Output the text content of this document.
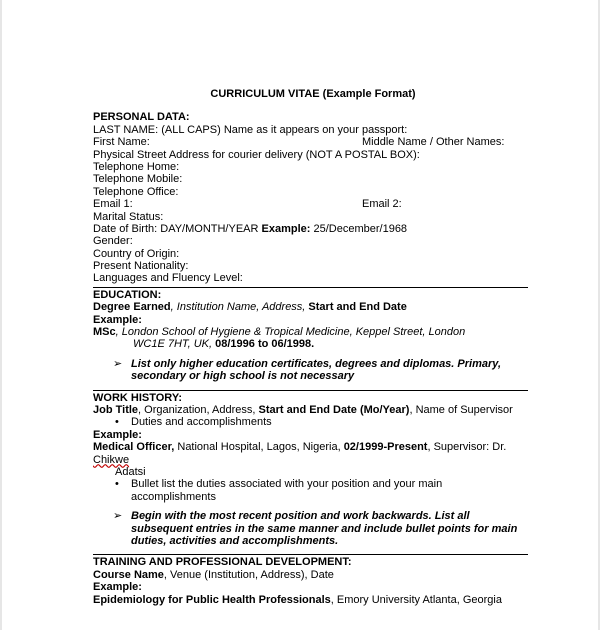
CURRICULUM VITAE (Example Format)
PERSONAL DATA:
LAST NAME: (ALL CAPS) Name as it appears on your passport:
First Name:	Middle Name / Other Names:
Physical Street Address for courier delivery (NOT A POSTAL BOX):
Telephone Home:
Telephone Mobile:
Telephone Office:
Email 1:	Email 2:
Marital Status:
Date of Birth: DAY/MONTH/YEAR Example: 25/December/1968
Gender:
Country of Origin:
Present Nationality:
Languages and Fluency Level:
EDUCATION:
Degree Earned, Institution Name, Address, Start and End Date
Example:
MSc, London School of Hygiene & Tropical Medicine, Keppel Street, London
WC1E 7HT, UK, 08/1996 to 06/1998.
➢ List only higher education certificates, degrees and diplomas. Primary, secondary or high school is not necessary
WORK HISTORY:
Job Title, Organization, Address, Start and End Date (Mo/Year), Name of Supervisor
• Duties and accomplishments
Example:
Medical Officer, National Hospital, Lagos, Nigeria, 02/1999-Present, Supervisor: Dr.
Chikwe
Adatsi
• Bullet list the duties associated with your position and your main accomplishments
➢ Begin with the most recent position and work backwards. List all subsequent entries in the same manner and include bullet points for main duties, activities and accomplishments.
TRAINING AND PROFESSIONAL DEVELOPMENT:
Course Name, Venue (Institution, Address), Date
Example:
Epidemiology for Public Health Professionals, Emory University Atlanta, Georgia
